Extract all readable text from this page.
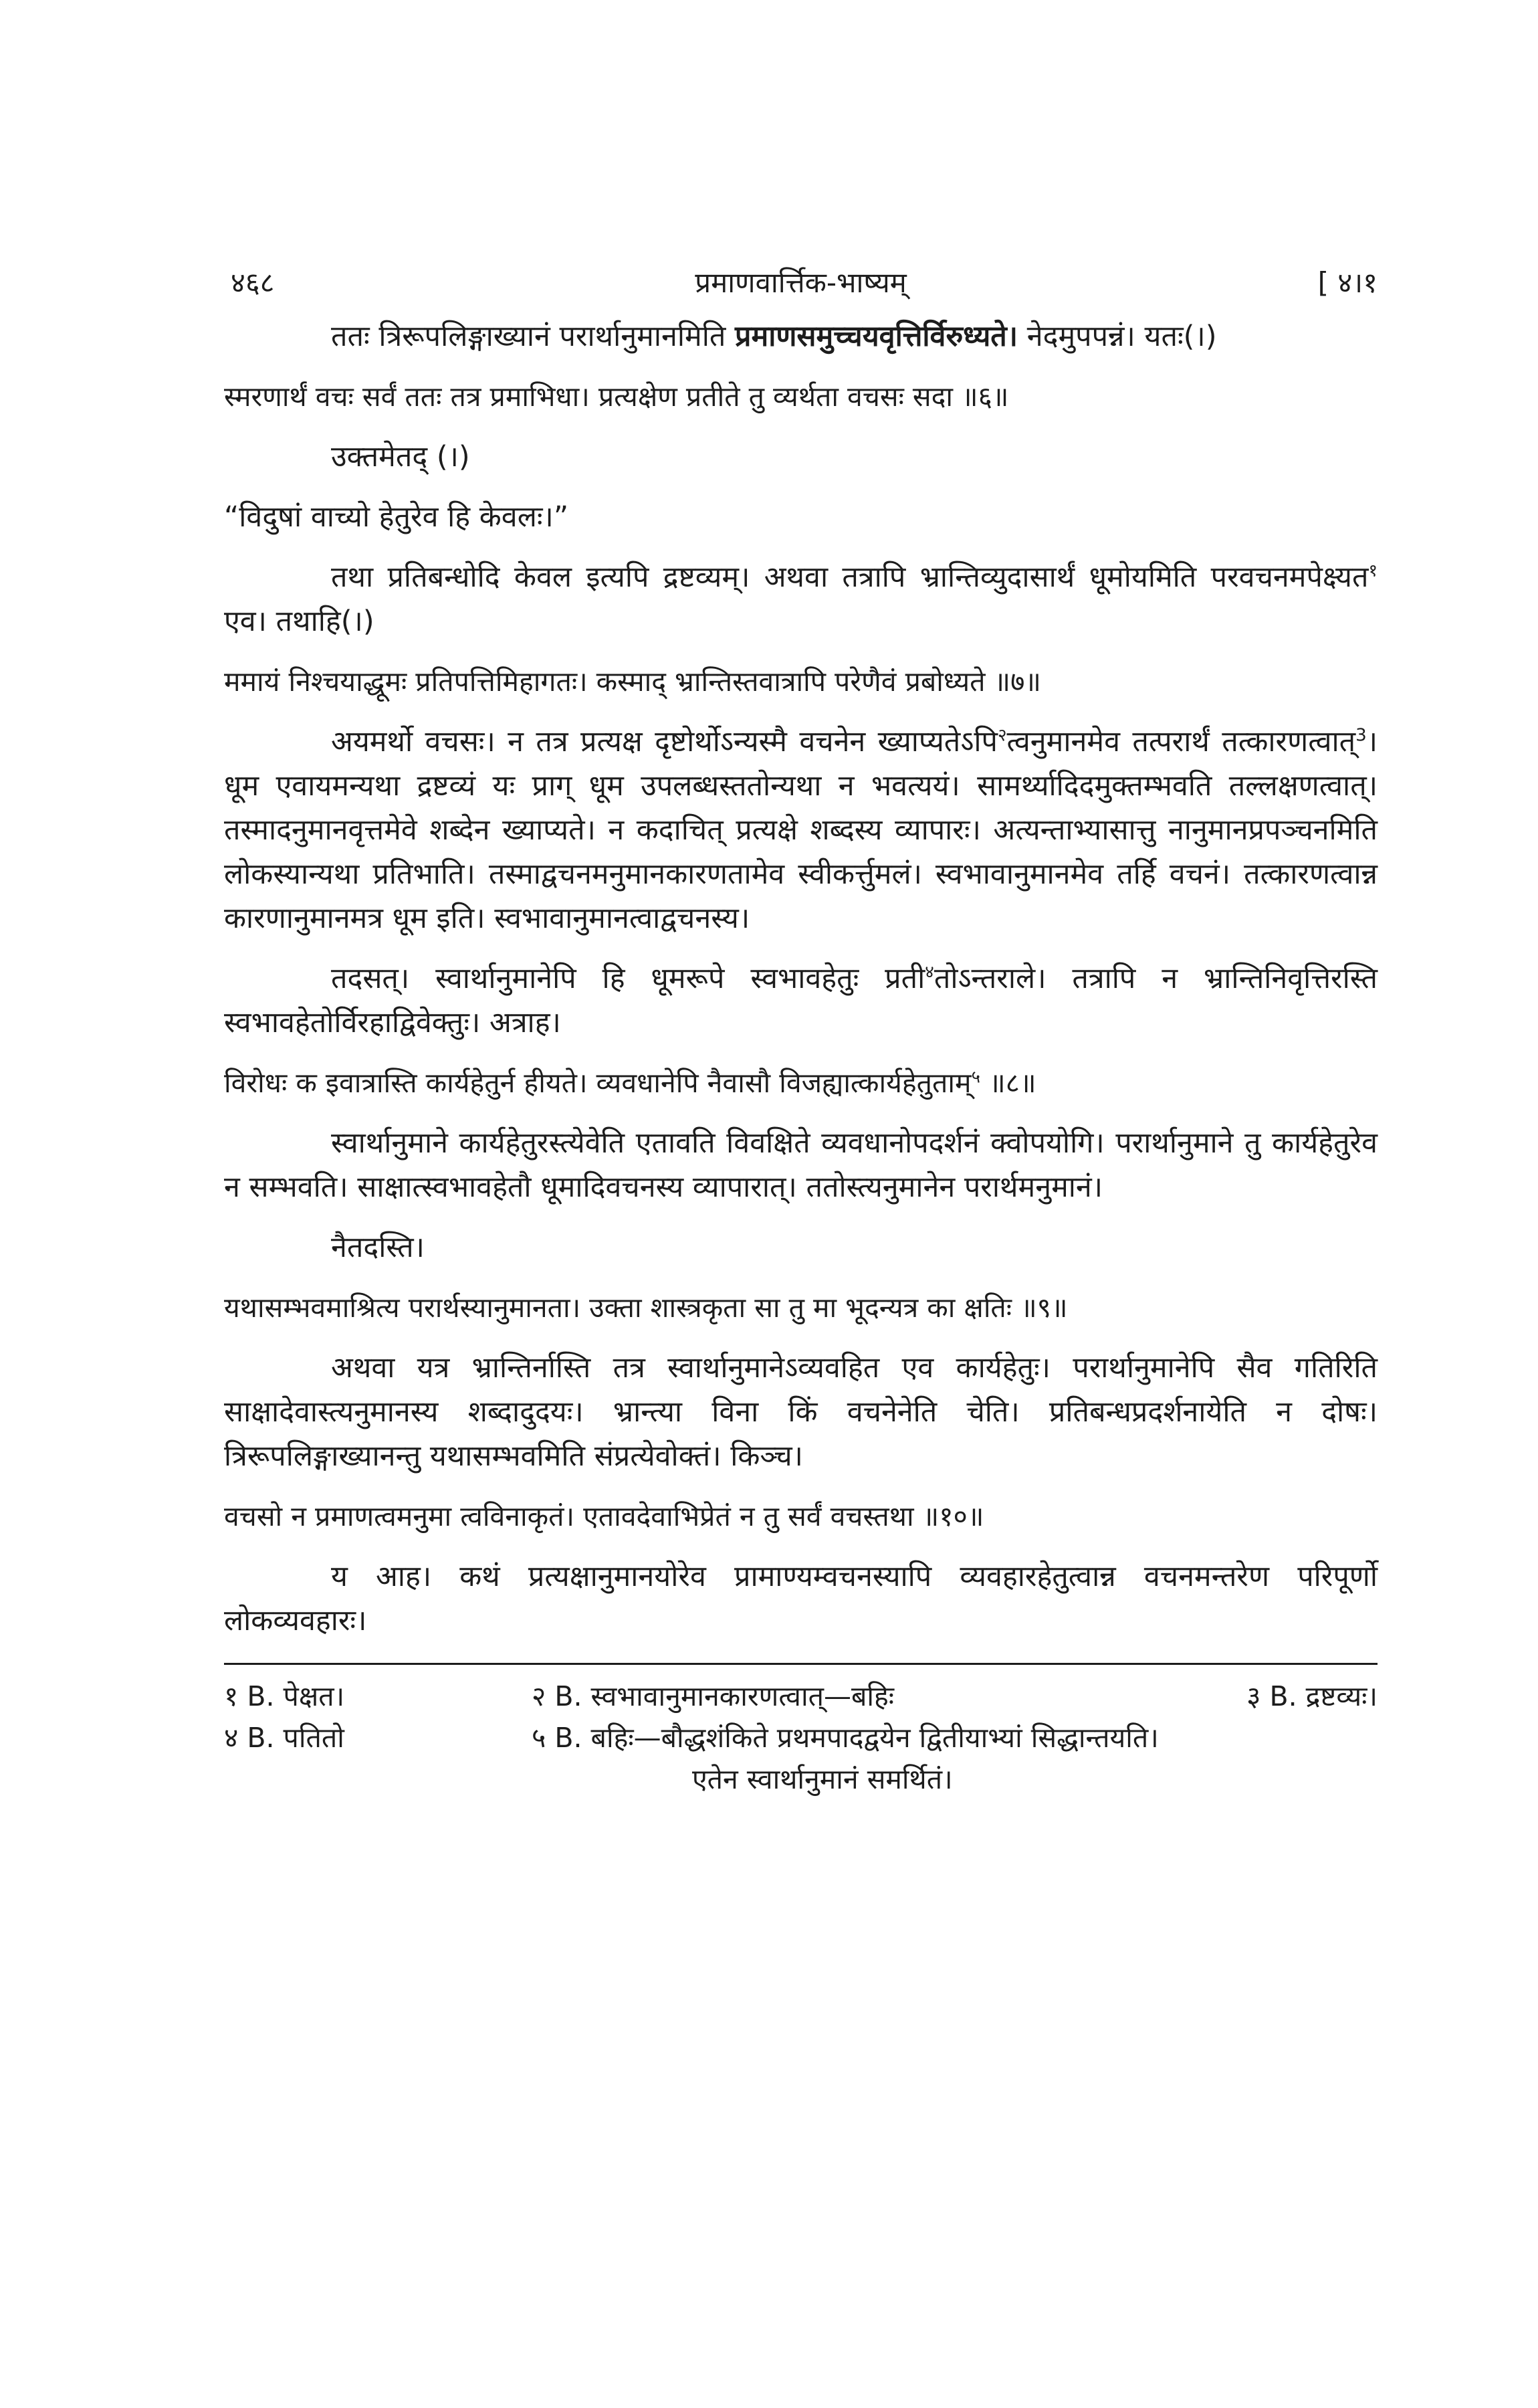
४६८	प्रमाणवार्त्तिक-भाष्यम्	[ ४।१

ततः त्रिरूपलिङ्गाख्यानं परार्थानुमानमिति प्रमाणसमुच्चयवृत्तिर्विरुध्यते। नेदमुपपन्नं। यतः(।)

स्मरणार्थं वचः सर्वं ततः तत्र प्रमाभिधा। प्रत्यक्षेण प्रतीते तु व्यर्थता वचसः सदा ॥६॥

उक्तमेतद् (।)

“विदुषां वाच्यो हेतुरेव हि केवलः।”

तथा प्रतिबन्धोदि केवल इत्यपि द्रष्टव्यम्। अथवा तत्रापि भ्रान्तिव्युदासार्थं धूमोयमिति परवचनमपेक्ष्यत$^१$ एव। तथाहि(।)

ममायं निश्चयाद्धूमः प्रतिपत्तिमिहागतः। कस्माद् भ्रान्तिस्तवात्रापि परेणैवं प्रबोध्यते ॥७॥

अयमर्थो वचसः। न तत्र प्रत्यक्ष दृष्टोर्थोऽन्यस्मै वचनेन ख्याप्यतेऽपि$^२$त्वनुमानमेव तत्परार्थं तत्कारणत्वात्$^3$। धूम एवायमन्यथा द्रष्टव्यं यः प्राग् धूम उपलब्धस्ततोन्यथा न भवत्ययं। सामर्थ्यादिदमुक्तम्भवति तल्लक्षणत्वात्। तस्मादनुमानवृत्तमेवे शब्देन ख्याप्यते। न कदाचित् प्रत्यक्षे शब्दस्य व्यापारः। अत्यन्ताभ्यासात्तु नानुमानप्रपञ्चनमिति लोकस्यान्यथा प्रतिभाति। तस्माद्वचनमनुमानकारणतामेव स्वीकर्त्तुमलं। स्वभावानुमानमेव तर्हि वचनं। तत्कारणत्वान्न कारणानुमानमत्र धूम इति। स्वभावानुमानत्वाद्वचनस्य।

तदसत्। स्वार्थानुमानेपि हि धूमरूपे स्वभावहेतुः प्रती$^४$तोऽन्तराले। तत्रापि न भ्रान्तिनिवृत्तिरस्ति स्वभावहेतोर्विरहाद्विवेक्तुः। अत्राह।

विरोधः क इवात्रास्ति कार्यहेतुर्न हीयते। व्यवधानेपि नैवासौ विजह्यात्कार्यहेतुताम्$^५$ ॥८॥

स्वार्थानुमाने कार्यहेतुरस्त्येवेति एतावति विवक्षिते व्यवधानोपदर्शनं क्वोपयोगि। परार्थानुमाने तु कार्यहेतुरेव न सम्भवति। साक्षात्स्वभावहेतौ धूमादिवचनस्य व्यापारात्। ततोस्त्यनुमानेन परार्थमनुमानं।

नैतदस्ति।

यथासम्भवमाश्रित्य परार्थस्यानुमानता। उक्ता शास्त्रकृता सा तु मा भूदन्यत्र का क्षतिः ॥९॥

अथवा यत्र भ्रान्तिर्नास्ति तत्र स्वार्थानुमानेऽव्यवहित एव कार्यहेतुः। परार्थानुमानेपि सैव गतिरिति साक्षादेवास्त्यनुमानस्य शब्दादुदयः। भ्रान्त्या विना किं वचनेनेति चेति। प्रतिबन्धप्रदर्शनायेति न दोषः। त्रिरूपलिङ्गाख्यानन्तु यथासम्भवमिति संप्रत्येवोक्तं। किञ्च।

वचसो न प्रमाणत्वमनुमा त्वविनाकृतं। एतावदेवाभिप्रेतं न तु सर्वं वचस्तथा ॥१०॥

य आह। कथं प्रत्यक्षानुमानयोरेव प्रामाण्यम्वचनस्यापि व्यवहारहेतुत्वान्न वचनमन्तरेण परिपूर्णो लोकव्यवहारः।

१ B. पेक्षत।	२ B. स्वभावानुमानकारणत्वात्—बहिः	३ B. द्रष्टव्यः।
४ B. पतितो	५ B. बहिः—बौद्धशंकिते प्रथमपादद्वयेन द्वितीयाभ्यां सिद्धान्तयति।
एतेन स्वार्थानुमानं समर्थितं।
